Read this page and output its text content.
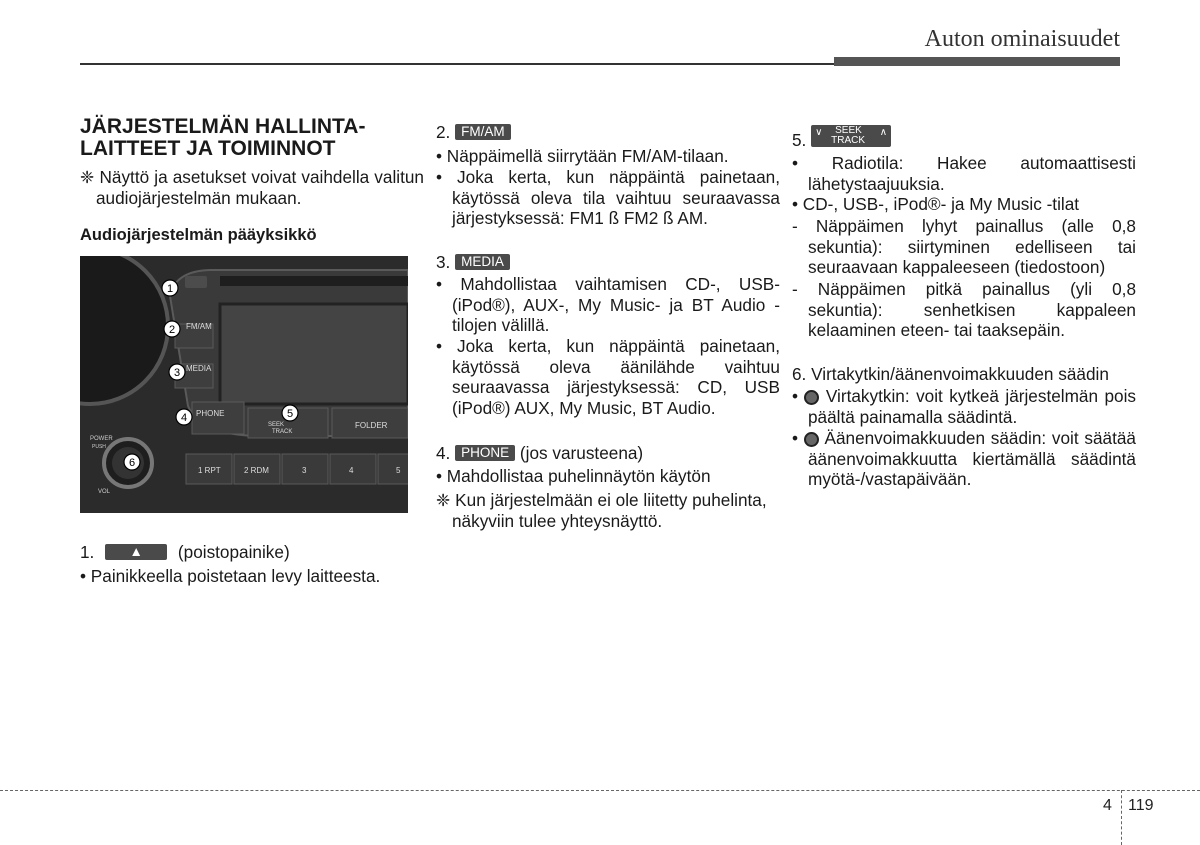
Auton ominaisuudet
JÄRJESTELMÄN HALLINTA-LAITTEET JA TOIMINNOT

❈ Näyttö ja asetukset voivat vaihdella valitun audiojärjestelmän mukaan.

Audiojärjestelmän pääyksikkö

FM/AM
MEDIA
PHONE
SEEK
TRACK
FOLDER
POWER
PUSH
VOL
1 RPT	2 RDM	3	4	5
1
2
3
4	5
6

1.	▲ (poistopainike)

• Painikkeella poistetaan levy laitteesta.

2. FM/AM

• Näppäimellä siirrytään FM/AM-tilaan.

• Joka kerta, kun näppäintä painetaan, käytössä oleva tila vaihtuu seuraavassa järjestyksessä: FM1 ß FM2 ß AM.

3. MEDIA

• Mahdollistaa vaihtamisen CD-, USB-(iPod®), AUX-, My Music- ja BT Audio -tilojen välillä.

• Joka kerta, kun näppäintä painetaan, käytössä oleva äänilähde vaihtuu seuraavassa järjestyksessä: CD, USB (iPod®) AUX, My Music, BT Audio.

4. PHONE (jos varusteena)

• Mahdollistaa puhelinnäytön käytön

❈ Kun järjestelmään ei ole liitetty puhelinta, näkyviin tulee yhteysnäyttö.

5. ∨ SEEK
TRACK
∧

• Radiotila: Hakee automaattisesti lähetystaajuuksia.

• CD-, USB-, iPod®- ja My Music -tilat

- Näppäimen lyhyt painallus (alle 0,8 sekuntia): siirtyminen edelliseen tai seuraavaan kappaleeseen (tiedostoon)

- Näppäimen pitkä painallus (yli 0,8 sekuntia): senhetkisen kappaleen kelaaminen eteen- tai taaksepäin.

6. Virtakytkin/äänenvoimakkuuden säädin

•  Virtakytkin: voit kytkeä järjestelmän pois päältä painamalla säädintä.

•  Äänenvoimakkuuden säädin: voit säätää äänenvoimakkuutta kiertämällä säädintä myötä-/vastapäivään.

4 119
